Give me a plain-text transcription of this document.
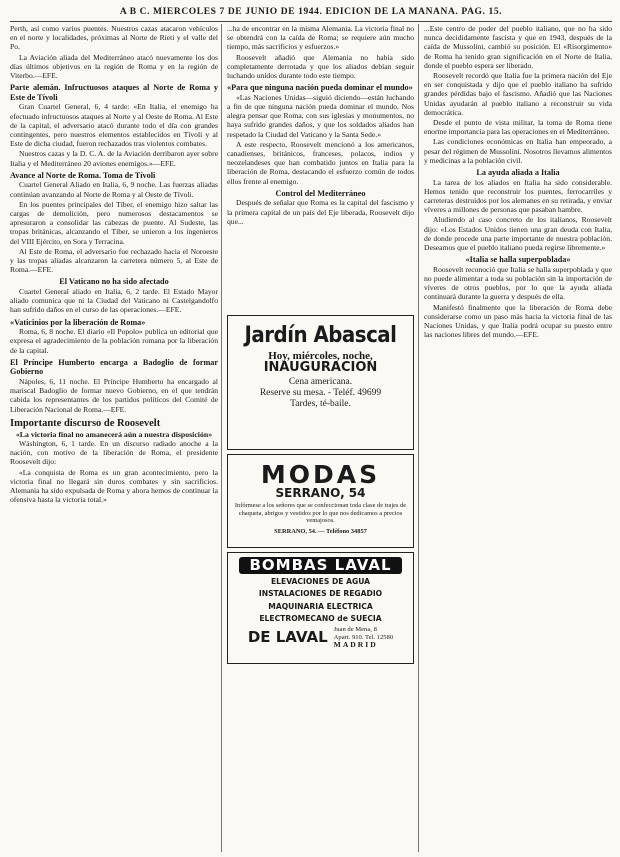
A B C. MIERCOLES 7 DE JUNIO DE 1944. EDICION DE LA MAÑANA. PAG. 15.

Perth, así como varios puentes. Nuestros cazas atacaron vehículos en el norte y localidades, próximas al Norte de Rieti y el valle del Po.

La Aviación aliada del Mediterráneo atacó nuevamente los dos días últimos objetivos en la región de Roma y en la región de Viterbo.—EFE.

Parte alemán. Infructuosos ataques al Norte de Roma y Este de Tívoli

Gran Cuartel General, 6, 4 tarde: «En Italia, el enemigo ha efectuado infructuosos ataques al Norte y al Oeste de Roma. Al Este de la capital, el adversario atacó durante todo el día con grandes contingentes, pero nuestros elementos establecidos en Tívoli y al Este de dicha ciudad, fueron rechazados tras violentos combates.

Nuestros cazas y la D. C. A. de la Aviación derribaron ayer sobre Italia y el Mediterráneo 20 aviones enemigos.»—EFE.

Avance al Norte de Roma. Toma de Tívoli

Cuartel General Aliado en Italia, 6, 9 noche. Las fuerzas aliadas continúan avanzando al Norte de Roma y al Oeste de Tívoli.

En los puentes principales del Tíber, el enemigo hizo saltar las cargas de demolición, pero numerosos destacamentos se apresuraron a consolidar las cabezas de puente. Al Sudeste, las tropas británicas, alcanzando el Tíber, se unieron a los ingenieros del VIII Ejército, en Sora y Terracina.

Al Este de Roma, el adversario fue rechazado hacia el Noroeste y las tropas aliadas alcanzaron la carretera número 5, al Este de Roma.—EFE.

El Vaticano no ha sido afectado

Cuartel General aliado en Italia, 6, 2 tarde. El Estado Mayor aliado comunica que ni la Ciudad del Vaticano ni Castelgandolfo han sufrido daños en el curso de las operaciones.—EFE.

«Vaticinios por la liberación de Roma»

Roma, 6, 8 noche. El diario «Il Popolo» publica un editorial que expresa el agradecimiento de la población romana por la liberación de la capital.

El Príncipe Humberto encarga a Badoglio de formar Gobierno

Nápoles, 6, 11 noche. El Príncipe Humberto ha encargado al mariscal Badoglio de formar nuevo Gobierno, en el que tendrán cabida los representantes de los partidos políticos del Comité de Liberación Nacional de Roma.—EFE.

Importante discurso de Roosevelt
«La victoria final no amanecerá aún a nuestra disposición»

Wáshington, 6, 1 tarde. En un discurso radiado anoche a la nación, con motivo de la liberación de Roma, el presidente Roosevelt dijo:

«La conquista de Roma es un gran acontecimiento, pero la victoria final no llegará sin duros combates y sin sacrificios. Alemania ha sido expulsada de Roma y ahora hemos de continuar la ofensiva hasta la victoria total.»

...ha de encontrar en la misma Alemania. La victoria final no se obtendrá con la caída de Roma; se requiere aún mucho tiempo, más sacrificios y esfuerzos.»

Roosevelt añadió que Alemania no había sido completamente derrotada y que los aliados debían seguir luchando unidos durante todo este tiempo.

«Para que ninguna nación pueda dominar el mundo»

«Las Naciones Unidas—siguió diciendo—están luchando a fin de que ninguna nación pueda dominar el mundo. Nos alegra pensar que Roma, con sus iglesias y monumentos, no haya sufrido grandes daños, y que los soldados aliados han respetado la Ciudad del Vaticano y la Santa Sede.»

A este respecto, Roosevelt mencionó a los americanos, canadienses, británicos, franceses, polacos, indios y neozelandeses que han combatido juntos en Italia para la liberación de Roma, destacando el esfuerzo común de todos ellos frente al enemigo.

Control del Mediterráneo

Después de señalar que Roma es la capital del fascismo y la primera capital de un país del Eje liberada, Roosevelt dijo que...

Jardín Abascal
Hoy, miércoles, noche,
INAUGURACION
Cena americana.
Reserve su mesa. - Teléf. 49699
Tardes, té-baile.
MODAS
SERRANO, 54
Infórmese a los señores que se confeccionan toda clase de trajes de chaqueta, abrigos y vestidos por lo que nos dedicamos a precios ventajosos.
SERRANO, 54. — Teléfono 34857
BOMBAS LAVAL
ELEVACIONES DE AGUA
INSTALACIONES DE REGADIO
MAQUINARIA ELECTRICA
ELECTROMECANO de SUECIA
DE LAVAL Juan de Mena, 8
Apart. 910. Tel. 12580
MADRID

...Este centro de poder del pueblo italiano, que no ha sido nunca decididamente fascista y que en 1943, después de la caída de Mussolini, cambió su posición. El «Risorgimento» de Roma ha tenido gran significación en el Norte de Italia, donde el pueblo espera ser liberado.

Roosevelt recordó que Italia fue la primera nación del Eje en ser conquistada y dijo que el pueblo italiano ha sufrido grandes pérdidas bajo el fascismo. Añadió que las Naciones Unidas ayudarán al pueblo italiano a reconstruir su vida democrática.

Desde el punto de vista militar, la toma de Roma tiene enorme importancia para las operaciones en el Mediterráneo.

Las condiciones económicas en Italia han empeorado, a pesar del régimen de Mussolini. Nosotros llevamos alimentos y medicinas a la población civil.

La ayuda aliada a Italia

La tarea de los aliados en Italia ha sido considerable. Hemos tenido que reconstruir los puentes, ferrocarriles y carreteras destruidos por los alemanes en su retirada, y enviar víveres a millones de personas que pasaban hambre.

Aludiendo al caso concreto de los italianos, Roosevelt dijo: «Los Estados Unidos tienen una gran deuda con Italia, de donde procede una parte importante de nuestra población. Deseamos que el pueblo italiano pueda regirse libremente.»

«Italia se halla superpoblada»

Roosevelt reconoció que Italia se halla superpoblada y que no puede alimentar a toda su población sin la importación de víveres de otros pueblos, por lo que la ayuda aliada continuará durante la guerra y después de ella.

Manifestó finalmente que la liberación de Roma debe considerarse como un paso más hacia la victoria final de las Naciones Unidas, y que Italia podrá ocupar su puesto entre las naciones libres del mundo.—EFE.
